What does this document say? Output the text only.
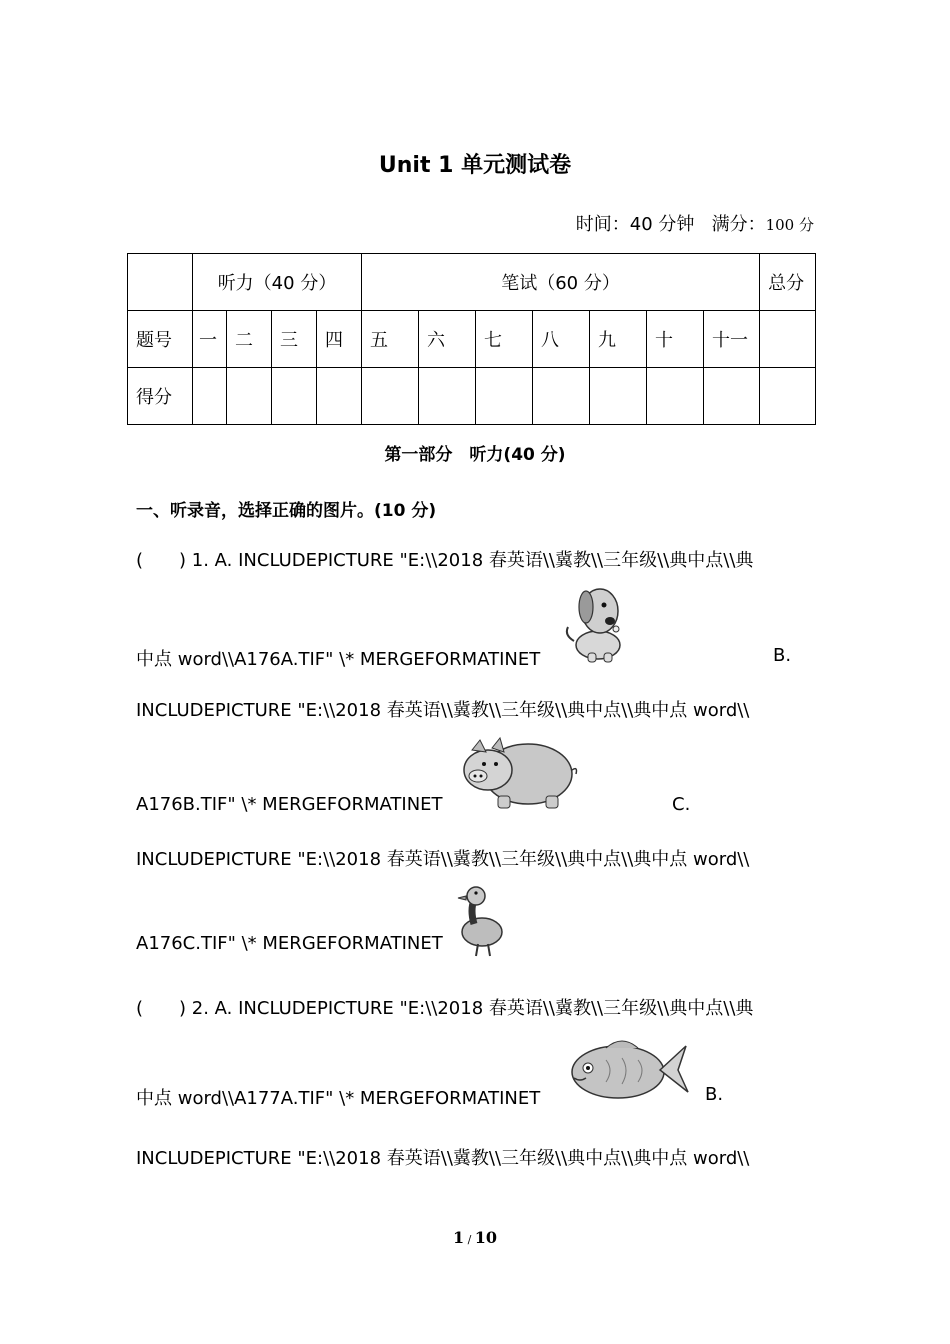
Unit 1 单元测试卷
时间：40 分钟 满分：100 分
	听力（40 分）				笔试（60 分）							总分
题号	一	二	三	四	五	六	七	八	九	十	十一	
得分												
第一部分　听力(40 分)
一、听录音，选择正确的图片。(10 分)
(　　) 1. A. INCLUDEPICTURE "E:\\2018 春英语\\冀教\\三年级\\典中点\\典
中点 word\\A176A.TIF" \* MERGEFORMATINET	B.
INCLUDEPICTURE "E:\\2018 春英语\\冀教\\三年级\\典中点\\典中点 word\\
A176B.TIF" \* MERGEFORMATINET	C.
INCLUDEPICTURE "E:\\2018 春英语\\冀教\\三年级\\典中点\\典中点 word\\
A176C.TIF" \* MERGEFORMATINET
(　　) 2. A. INCLUDEPICTURE "E:\\2018 春英语\\冀教\\三年级\\典中点\\典
中点 word\\A177A.TIF" \* MERGEFORMATINET	B.
INCLUDEPICTURE "E:\\2018 春英语\\冀教\\三年级\\典中点\\典中点 word\\
1 / 10
